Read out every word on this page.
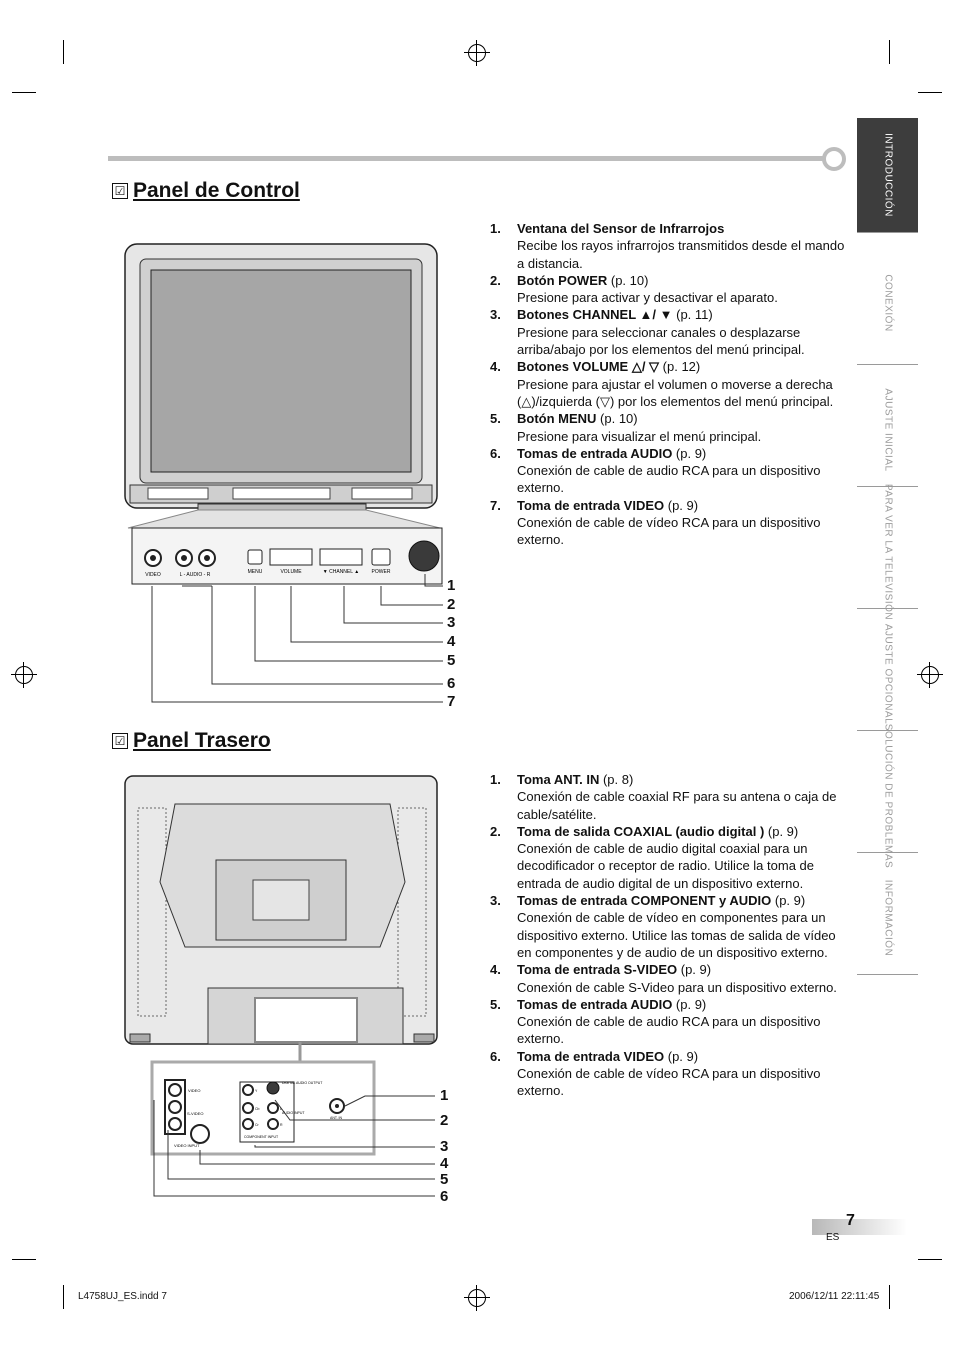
INTRODUCCIÓN
CONEXIÓN
AJUSTE INICIAL
PARA VER LA TELEVISIÓN
AJUSTE OPCIONAL
SOLUCIÓN DE PROBLEMAS
INFORMACIÓN
☑ Panel de Control
VIDEO	L - AUDIO - R	MENU	VOLUME	▼ CHANNEL ▲ POWER
1
2
3
4
5
6
7
1. Ventana del Sensor de Infrarrojos
Recibe los rayos infrarrojos transmitidos desde el mando a distancia.
2. Botón POWER (p. 10)
Presione para activar y desactivar el aparato.
3. Botones CHANNEL ▲/ ▼ (p. 11)
Presione para seleccionar canales o desplazarse arriba/abajo por los elementos del menú principal.
4. Botones VOLUME △/ ▽ (p. 12)
Presione para ajustar el volumen o moverse a derecha (△)/izquierda (▽) por los elementos del menú principal.
5. Botón MENU (p. 10)
Presione para visualizar el menú principal.
6. Tomas de entrada AUDIO (p. 9)
Conexión de cable de audio RCA para un dispositivo externo.
7. Toma de entrada VIDEO (p. 9)
Conexión de cable de vídeo RCA para un dispositivo externo.
☑ Panel Trasero
VIDEO
S-VIDEO
VIDEO INPUT
DIGITAL AUDIO OUTPUT
AUDIO INPUT
COMPONENT INPUT
Y
Cb
Cr
L
R
ANT. IN
1
2
3
4
5
6
1. Toma ANT. IN (p. 8)
Conexión de cable coaxial RF para su antena o caja de cable/satélite.
2. Toma de salida COAXIAL (audio digital ) (p. 9)
Conexión de cable de audio digital coaxial para un decodificador o receptor de radio. Utilice la toma de entrada de audio digital de un dispositivo externo.
3. Tomas de entrada COMPONENT y AUDIO (p. 9)
Conexión de cable de vídeo en componentes para un dispositivo externo. Utilice las tomas de salida de vídeo en componentes y de audio de un dispositivo externo.
4. Toma de entrada S-VIDEO (p. 9)
Conexión de cable S-Video para un dispositivo externo.
5. Tomas de entrada AUDIO (p. 9)
Conexión de cable de audio RCA para un dispositivo externo.
6. Toma de entrada VIDEO (p. 9)
Conexión de cable de vídeo RCA para un dispositivo externo.
7
ES
L4758UJ_ES.indd 7	2006/12/11 22:11:45
